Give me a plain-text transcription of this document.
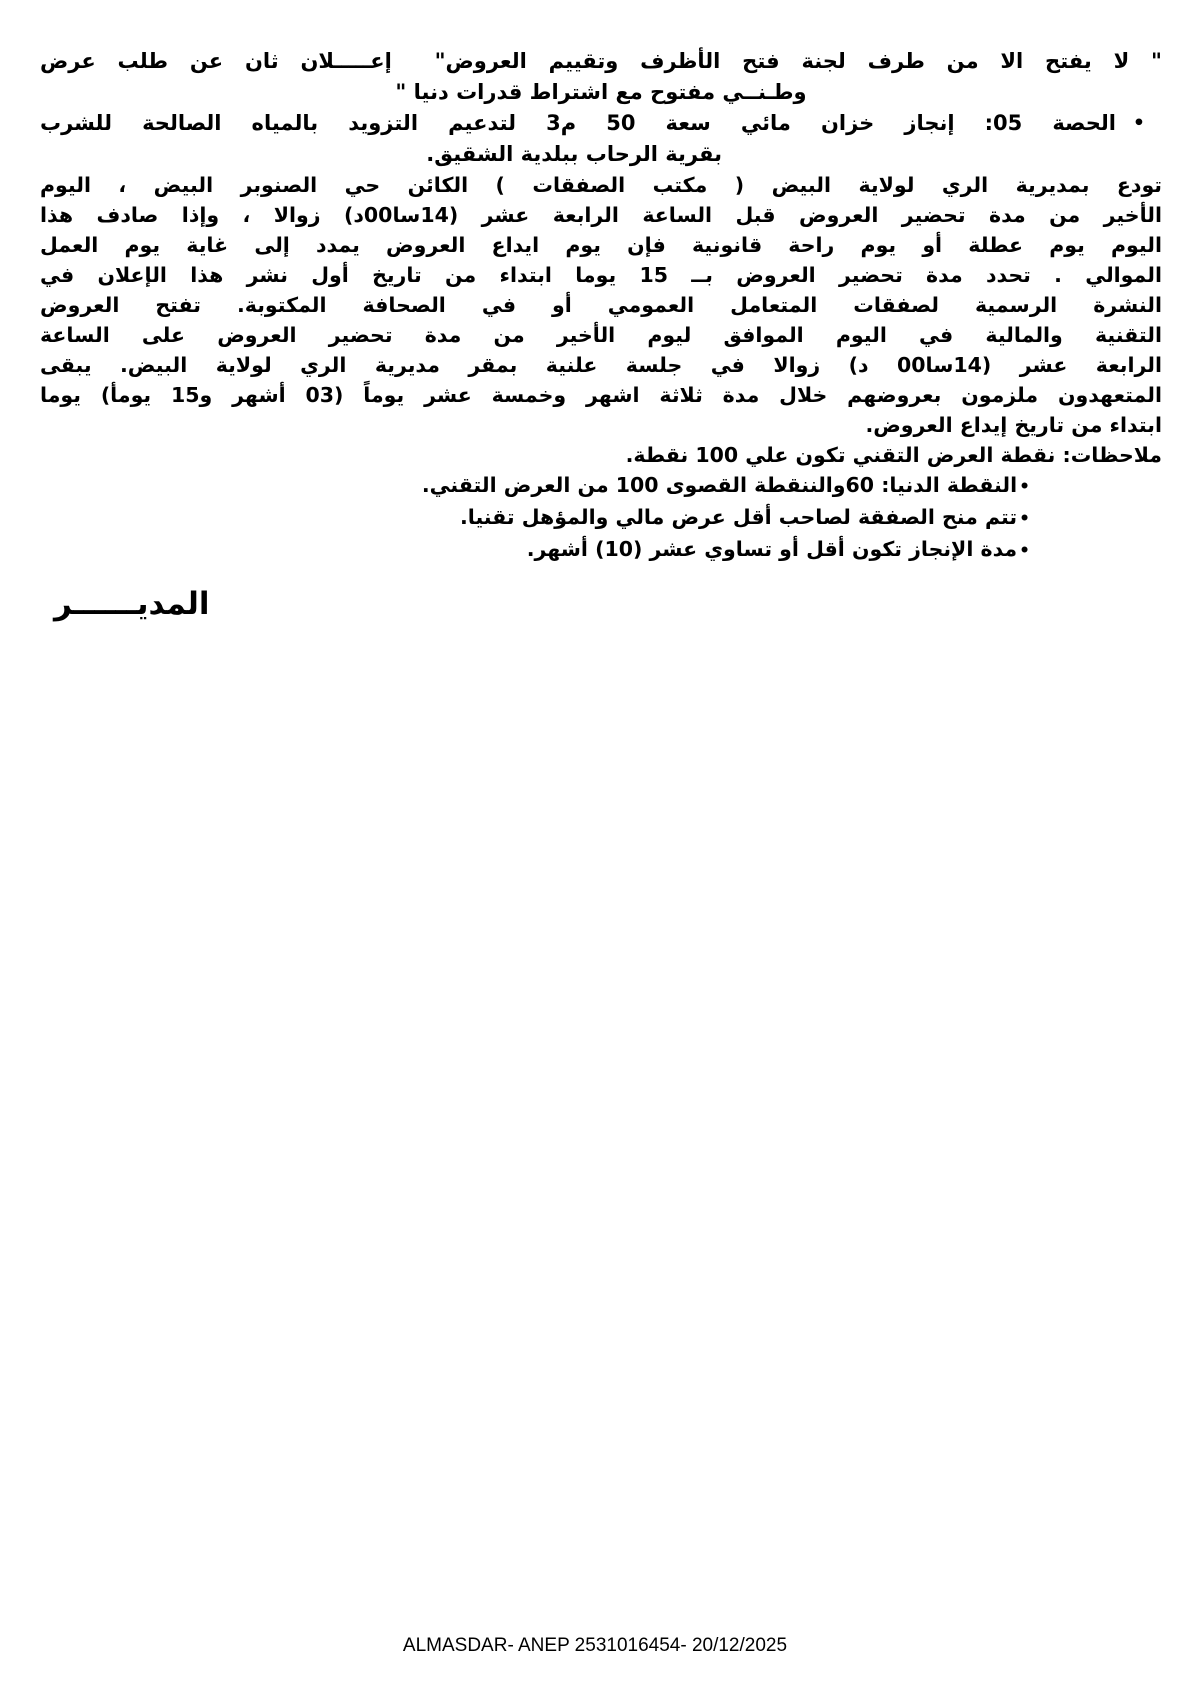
" لا يفتح الا من طرف لجنة فتح الأظرف وتقييم العروض"  إعـــــلان ثان عن طلب عرض
وطـنــي مفتوح مع اشتراط قدرات دنيا "
•
الحصة 05: إنجاز خزان مائي سعة 50 م3 لتدعيم التزويد بالمياه الصالحة للشرب
بقرية الرحاب ببلدية الشقيق.
تودع بمديرية الري لولاية البيض ( مكتب الصفقات ) الكائن حي الصنوبر البيض ، اليوم
الأخير من مدة تحضير العروض قبل الساعة الرابعة عشر (14سا00د) زوالا ، وإذا صادف هذا
اليوم يوم عطلة أو يوم راحة قانونية فإن يوم ايداع العروض يمدد إلى غاية يوم العمل
الموالي . تحدد مدة تحضير العروض بــ 15 يوما ابتداء من تاريخ أول نشر هذا الإعلان في
النشرة الرسمية لصفقات المتعامل العمومي أو في الصحافة المكتوبة. تفتح العروض
التقنية والمالية في اليوم الموافق ليوم الأخير من مدة تحضير العروض على الساعة
الرابعة عشر (14سا00 د) زوالا في جلسة علنية بمقر مديرية الري لولاية البيض. يبقى
المتعهدون ملزمون بعروضهم خلال مدة ثلاثة اشهر وخمسة عشر يوماً (03 أشهر و15 يومأ) يوما
ابتداء من تاريخ إيداع العروض.
ملاحظات: نقطة العرض التقني تكون علي 100 نقطة.
•النقطة الدنيا: 60والننقطة القصوى 100 من العرض التقني.
•تتم منح الصفقة لصاحب أقل عرض مالي والمؤهل تقنيا.
•مدة الإنجاز تكون أقل أو تساوي عشر (10) أشهر.
المديــــــر
ALMASDAR- ANEP 2531016454- 20/12/2025
